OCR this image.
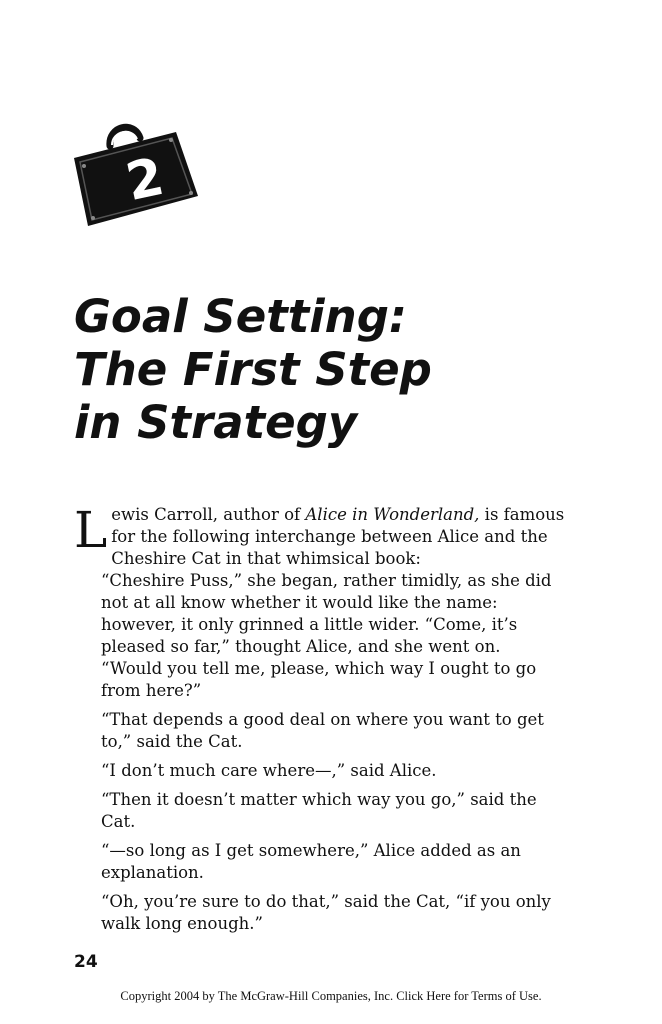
2
Goal Setting:
The First Step
in Strategy

Lewis Carroll, author of Alice in Wonderland, is famous for the following interchange between Alice and the Cheshire Cat in that whimsical book:

“Cheshire Puss,” she began, rather timidly, as she did not at all know whether it would like the name: however, it only grinned a little wider. “Come, it’s pleased so far,” thought Alice, and she went on. “Would you tell me, please, which way I ought to go from here?”

“That depends a good deal on where you want to get to,” said the Cat.

“I don’t much care where—,” said Alice.

“Then it doesn’t matter which way you go,” said the Cat.

“—so long as I get somewhere,” Alice added as an explanation.

“Oh, you’re sure to do that,” said the Cat, “if you only walk long enough.”

24
Copyright 2004 by The McGraw-Hill Companies, Inc. Click Here for Terms of Use.
